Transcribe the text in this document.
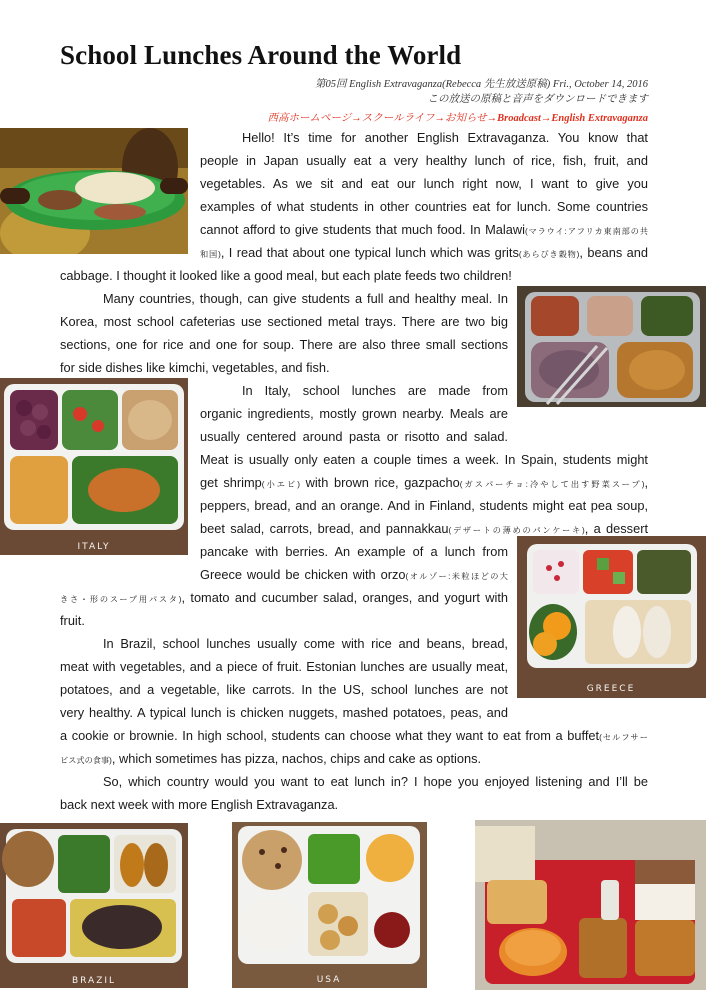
School Lunches Around the World
第05回 English Extravaganza(Rebecca 先生放送原稿) Fri., October 14, 2016
この放送の原稿と音声をダウンロードできます
西高ホームページ→スクールライフ→お知らせ→Broadcast→English Extravaganza
ITALY
GREECE
BRAZIL	USA
Hello! It’s time for another English Extravaganza. You know that
people in Japan usually eat a very healthy lunch of rice, fish, fruit, and
vegetables. As we sit and eat our lunch right now, I want to give you
examples of what students in other countries eat for lunch. Some countries
cannot afford to give students that much food. In Malawi(マラウイ:アフリカ東南部の共
和国), I read that about one typical lunch which was grits(あらびき穀物), beans and
cabbage. I thought it looked like a good meal, but each plate feeds two children!
Many countries, though, can give students a full and healthy meal. In
Korea, most school cafeterias use sectioned metal trays. There are two big
sections, one for rice and one for soup. There are also three small sections
for side dishes like kimchi, vegetables, and fish.
In Italy, school lunches are made from
organic ingredients, mostly grown nearby. Meals are
usually centered around pasta or risotto and salad.
Meat is usually only eaten a couple times a week. In Spain, students might
get shrimp(小エビ) with brown rice, gazpacho(ガスパーチョ:冷やして出す野菜スープ),
peppers, bread, and an orange. And in Finland, students might eat pea soup,
beet salad, carrots, bread, and pannakkau(デザートの薄めのパンケーキ), a dessert
pancake with berries. An example of a lunch from
Greece would be chicken with orzo(オルゾー:米粒ほどの大
きさ・形のスープ用パスタ), tomato and cucumber salad, oranges, and yogurt with
fruit.
In Brazil, school lunches usually come with rice and beans, bread,
meat with vegetables, and a piece of fruit. Estonian lunches are usually meat,
potatoes, and a vegetable, like carrots. In the US, school lunches are not
very healthy. A typical lunch is chicken nuggets, mashed potatoes, peas, and
a cookie or brownie. In high school, students can choose what they want to eat from a buffet(セルフサー
ビス式の食事), which sometimes has pizza, nachos, chips and cake as options.
So, which country would you want to eat lunch in? I hope you enjoyed listening and I’ll be
back next week with more English Extravaganza.
